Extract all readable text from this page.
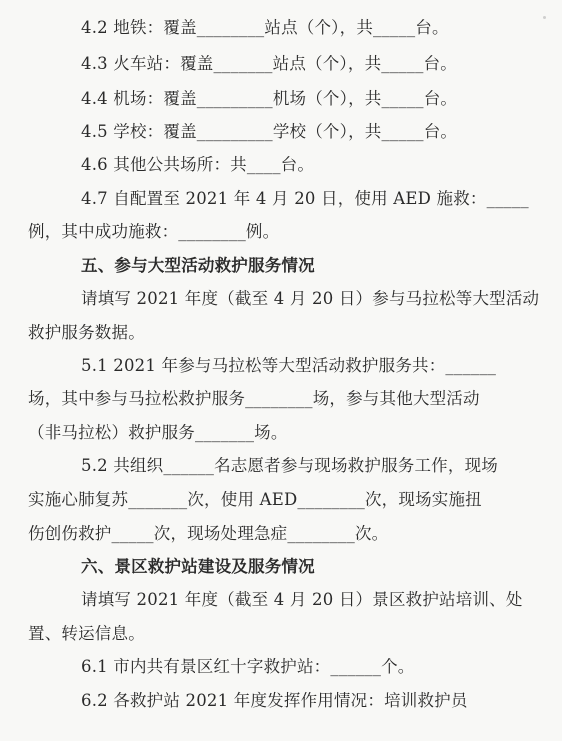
4.2 地铁：覆盖________站点（个），共_____台。
4.3 火车站：覆盖_______站点（个），共_____台。
4.4 机场：覆盖_________机场（个），共_____台。
4.5 学校：覆盖_________学校（个），共_____台。
4.6 其他公共场所：共____台。
4.7 自配置至 2021 年 4 月 20 日，使用 AED 施救：_____
例，其中成功施救：________例。
五、参与大型活动救护服务情况
请填写 2021 年度（截至 4 月 20 日）参与马拉松等大型活动
救护服务数据。
5.1 2021 年参与马拉松等大型活动救护服务共：______
场，其中参与马拉松救护服务________场，参与其他大型活动
（非马拉松）救护服务_______场。
5.2 共组织______名志愿者参与现场救护服务工作，现场
实施心肺复苏_______次，使用 AED________次，现场实施扭
伤创伤救护_____次，现场处理急症________次。
六、景区救护站建设及服务情况
请填写 2021 年度（截至 4 月 20 日）景区救护站培训、处
置、转运信息。
6.1 市内共有景区红十字救护站：______个。
6.2 各救护站 2021 年度发挥作用情况：培训救护员
